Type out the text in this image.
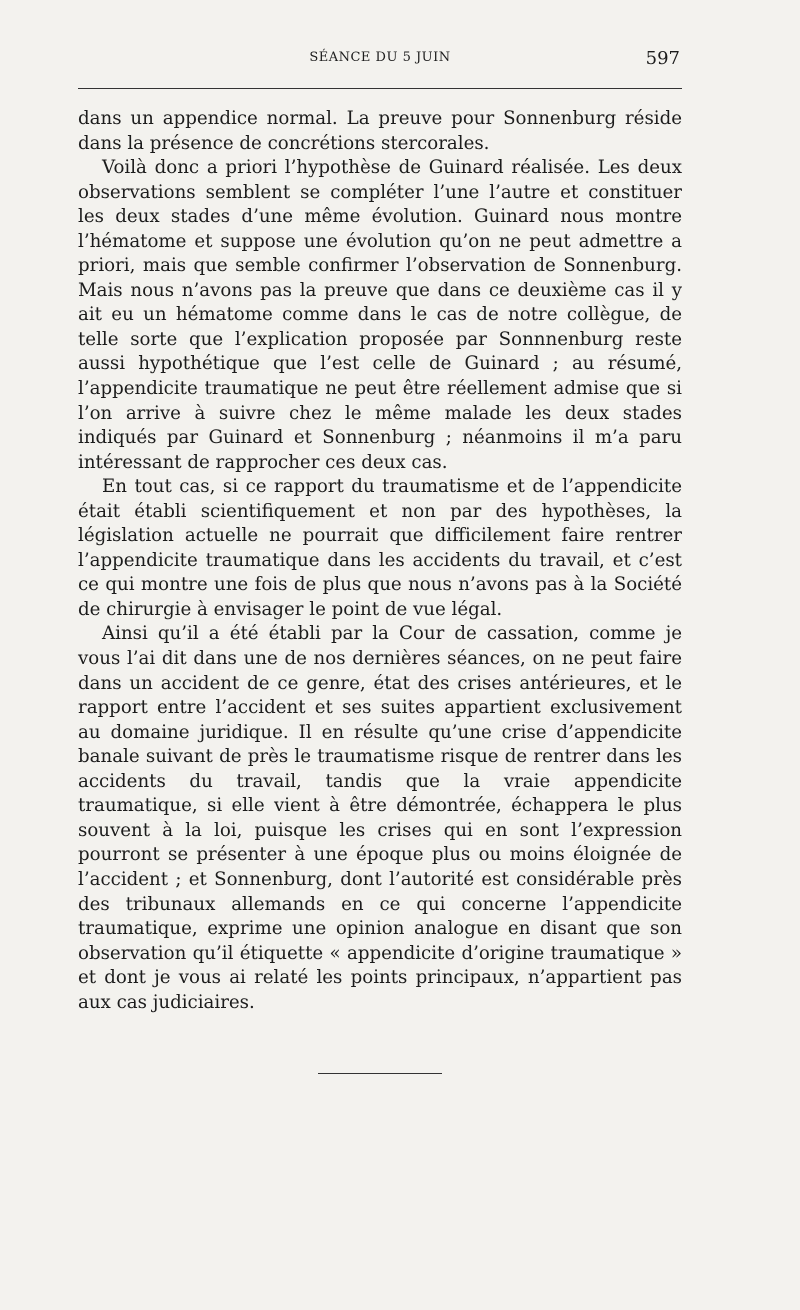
SÉANCE DU 5 JUIN	597

dans un appendice normal. La preuve pour Sonnenburg réside dans la présence de concrétions stercorales.

Voilà donc a priori l’hypothèse de Guinard réalisée. Les deux observations semblent se compléter l’une l’autre et constituer les deux stades d’une même évolution. Guinard nous montre l’hématome et suppose une évolution qu’on ne peut admettre a priori, mais que semble confirmer l’observation de Sonnenburg. Mais nous n’avons pas la preuve que dans ce deuxième cas il y ait eu un hématome comme dans le cas de notre collègue, de telle sorte que l’explication proposée par Sonnnenburg reste aussi hypothétique que l’est celle de Guinard ; au résumé, l’appendicite traumatique ne peut être réellement admise que si l’on arrive à suivre chez le même malade les deux stades indiqués par Guinard et Sonnenburg ; néanmoins il m’a paru intéressant de rapprocher ces deux cas.

En tout cas, si ce rapport du traumatisme et de l’appendicite était établi scientifiquement et non par des hypothèses, la législation actuelle ne pourrait que difficilement faire rentrer l’appendicite traumatique dans les accidents du travail, et c’est ce qui montre une fois de plus que nous n’avons pas à la Société de chirurgie à envisager le point de vue légal.

Ainsi qu’il a été établi par la Cour de cassation, comme je vous l’ai dit dans une de nos dernières séances, on ne peut faire dans un accident de ce genre, état des crises antérieures, et le rapport entre l’accident et ses suites appartient exclusivement au domaine juridique. Il en résulte qu’une crise d’appendicite banale suivant de près le traumatisme risque de rentrer dans les accidents du travail, tandis que la vraie appendicite traumatique, si elle vient à être démontrée, échappera le plus souvent à la loi, puisque les crises qui en sont l’expression pourront se présenter à une époque plus ou moins éloignée de l’accident ; et Sonnenburg, dont l’autorité est considérable près des tribunaux allemands en ce qui concerne l’appendicite traumatique, exprime une opinion analogue en disant que son observation qu’il étiquette « appendicite d’origine traumatique » et dont je vous ai relaté les points principaux, n’appartient pas aux cas judiciaires.
